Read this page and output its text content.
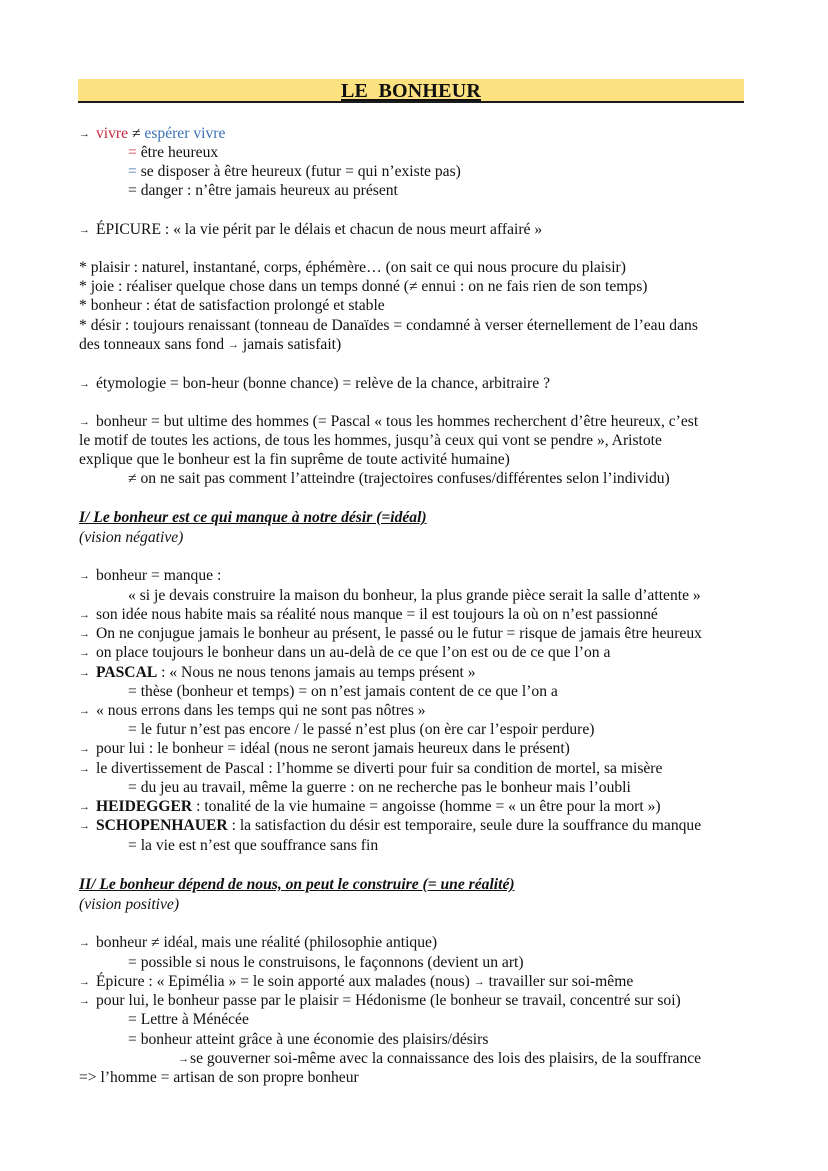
LE  BONHEUR
→ vivre ≠ espérer vivre
= être heureux
= se disposer à être heureux (futur = qui n’existe pas)
= danger : n’être jamais heureux au présent
→ ÉPICURE : « la vie périt par le délais et chacun de nous meurt affairé »
* plaisir : naturel, instantané, corps, éphémère… (on sait ce qui nous procure du plaisir)
* joie : réaliser quelque chose dans un temps donné (≠ ennui : on ne fais rien de son temps)
* bonheur : état de satisfaction prolongé et stable
* désir : toujours renaissant (tonneau de Danaïdes = condamné à verser éternellement de l’eau dans
des tonneaux sans fond → jamais satisfait)
→ étymologie = bon-heur (bonne chance) = relève de la chance, arbitraire ?
→ bonheur = but ultime des hommes (= Pascal « tous les hommes recherchent d’être heureux, c’est
le motif de toutes les actions, de tous les hommes, jusqu’à ceux qui vont se pendre », Aristote
explique que le bonheur est la fin suprême de toute activité humaine)
≠ on ne sait pas comment l’atteindre (trajectoires confuses/différentes selon l’individu)
I/ Le bonheur est ce qui manque à notre désir (=idéal)
(vision négative)
→ bonheur = manque :
« si je devais construire la maison du bonheur, la plus grande pièce serait la salle d’attente »
→ son idée nous habite mais sa réalité nous manque = il est toujours la où on n’est passionné
→ On ne conjugue jamais le bonheur au présent, le passé ou le futur = risque de jamais être heureux
→ on place toujours le bonheur dans un au-delà de ce que l’on est ou de ce que l’on a
→ PASCAL : « Nous ne nous tenons jamais au temps présent »
= thèse (bonheur et temps) = on n’est jamais content de ce que l’on a
→ « nous errons dans les temps qui ne sont pas nôtres »
= le futur n’est pas encore / le passé n’est plus (on ère car l’espoir perdure)
→ pour lui : le bonheur = idéal (nous ne seront jamais heureux dans le présent)
→ le divertissement de Pascal : l’homme se diverti pour fuir sa condition de mortel, sa misère
= du jeu au travail, même la guerre : on ne recherche pas le bonheur mais l’oubli
→ HEIDEGGER : tonalité de la vie humaine = angoisse (homme = « un être pour la mort »)
→ SCHOPENHAUER : la satisfaction du désir est temporaire, seule dure la souffrance du manque
= la vie est n’est que souffrance sans fin
II/ Le bonheur dépend de nous, on peut le construire (= une réalité)
(vision positive)
→ bonheur ≠ idéal, mais une réalité (philosophie antique)
= possible si nous le construisons, le façonnons (devient un art)
→ Épicure : « Epimélia » = le soin apporté aux malades (nous) → travailler sur soi-même
→ pour lui, le bonheur passe par le plaisir = Hédonisme (le bonheur se travail, concentré sur soi)
= Lettre à Ménécée
= bonheur atteint grâce à une économie des plaisirs/désirs
→se gouverner soi-même avec la connaissance des lois des plaisirs, de la souffrance
=> l’homme = artisan de son propre bonheur
